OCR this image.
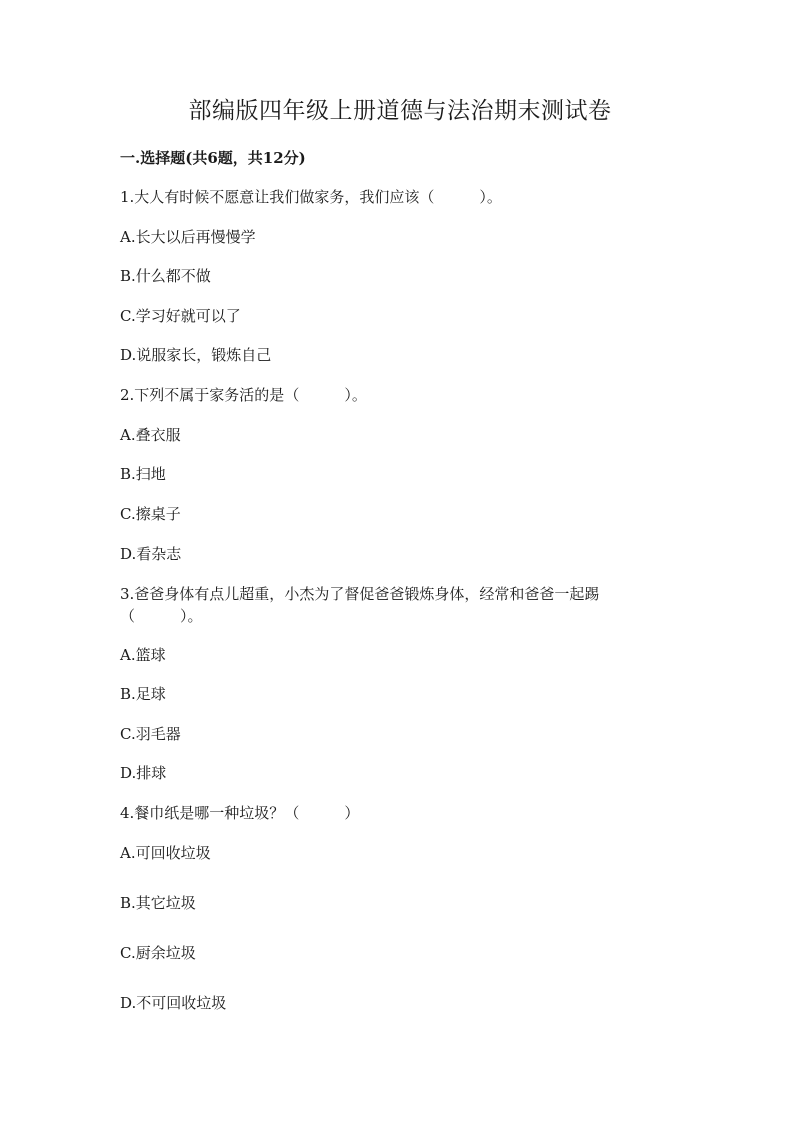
部编版四年级上册道德与法治期末测试卷
一.选择题(共6题，共12分)
1.大人有时候不愿意让我们做家务，我们应该（　　　）。
A.长大以后再慢慢学
B.什么都不做
C.学习好就可以了
D.说服家长，锻炼自己
2.下列不属于家务活的是（　　　）。
A.叠衣服
B.扫地
C.擦桌子
D.看杂志
3.爸爸身体有点儿超重，小杰为了督促爸爸锻炼身体，经常和爸爸一起踢
（　　　）。
A.篮球
B.足球
C.羽毛器
D.排球
4.餐巾纸是哪一种垃圾？（　　　）
A.可回收垃圾
B.其它垃圾
C.厨余垃圾
D.不可回收垃圾
